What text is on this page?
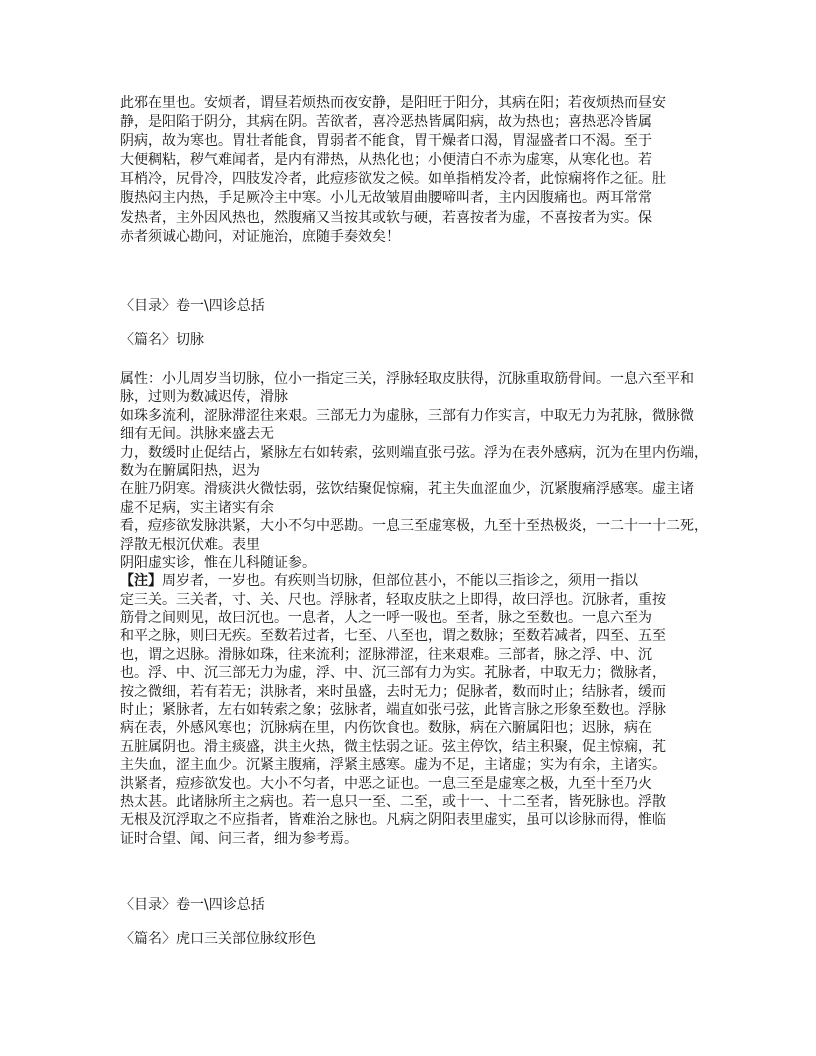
此邪在里也。安烦者，谓昼若烦热而夜安静，是阳旺于阳分，其病在阳；若夜烦热而昼安
静，是阳陷于阴分，其病在阴。苦欲者，喜冷恶热皆属阳病，故为热也；喜热恶冷皆属
阴病，故为寒也。胃壮者能食，胃弱者不能食，胃干燥者口渴，胃湿盛者口不渴。至于
大便稠粘，秽气难闻者，是内有滞热，从热化也；小便清白不赤为虚寒，从寒化也。若
耳梢冷，尻骨冷，四肢发冷者，此痘疹欲发之候。如单指梢发冷者，此惊痫将作之征。肚
腹热闷主内热，手足厥冷主中寒。小儿无故皱眉曲腰啼叫者，主内因腹痛也。两耳常常
发热者，主外因风热也，然腹痛又当按其或软与硬，若喜按者为虚，不喜按者为实。保
赤者须诚心勘问，对证施治，庶随手奏效矣！
〈目录〉卷一\四诊总括
〈篇名〉切脉
属性：小儿周岁当切脉，位小一指定三关，浮脉轻取皮肤得，沉脉重取筋骨间。一息六至平和
脉，过则为数减迟传，滑脉
如珠多流利，涩脉滞涩往来艰。三部无力为虚脉，三部有力作实言，中取无力为芤脉，微脉微
细有无间。洪脉来盛去无
力，数缓时止促结占，紧脉左右如转索，弦则端直张弓弦。浮为在表外感病，沉为在里内伤端，
数为在腑属阳热，迟为
在脏乃阴寒。滑痰洪火微怯弱，弦饮结聚促惊痫，芤主失血涩血少，沉紧腹痛浮感寒。虚主诸
虚不足病，实主诸实有余
看，痘疹欲发脉洪紧，大小不匀中恶勘。一息三至虚寒极，九至十至热极炎，一二十一十二死，
浮散无根沉伏难。表里
阴阳虚实诊，惟在儿科随证参。
【注】周岁者，一岁也。有疾则当切脉，但部位甚小，不能以三指诊之，须用一指以
定三关。三关者，寸、关、尺也。浮脉者，轻取皮肤之上即得，故曰浮也。沉脉者，重按
筋骨之间则见，故曰沉也。一息者，人之一呼一吸也。至者，脉之至数也。一息六至为
和平之脉，则曰无疾。至数若过者，七至、八至也，谓之数脉；至数若减者，四至、五至
也，谓之迟脉。滑脉如珠，往来流利；涩脉滞涩，往来艰难。三部者，脉之浮、中、沉
也。浮、中、沉三部无力为虚，浮、中、沉三部有力为实。芤脉者，中取无力；微脉者，
按之微细，若有若无；洪脉者，来时虽盛，去时无力；促脉者，数而时止；结脉者，缓而
时止；紧脉者，左右如转索之象；弦脉者，端直如张弓弦，此皆言脉之形象至数也。浮脉
病在表，外感风寒也；沉脉病在里，内伤饮食也。数脉，病在六腑属阳也；迟脉，病在
五脏属阴也。滑主痰盛，洪主火热，微主怯弱之证。弦主停饮，结主积聚，促主惊痫，芤
主失血，涩主血少。沉紧主腹痛，浮紧主感寒。虚为不足，主诸虚；实为有余，主诸实。
洪紧者，痘疹欲发也。大小不匀者，中恶之证也。一息三至是虚寒之极，九至十至乃火
热太甚。此诸脉所主之病也。若一息只一至、二至，或十一、十二至者，皆死脉也。浮散
无根及沉浮取之不应指者，皆难治之脉也。凡病之阴阳表里虚实，虽可以诊脉而得，惟临
证时合望、闻、问三者，细为参考焉。
〈目录〉卷一\四诊总括
〈篇名〉虎口三关部位脉纹形色
